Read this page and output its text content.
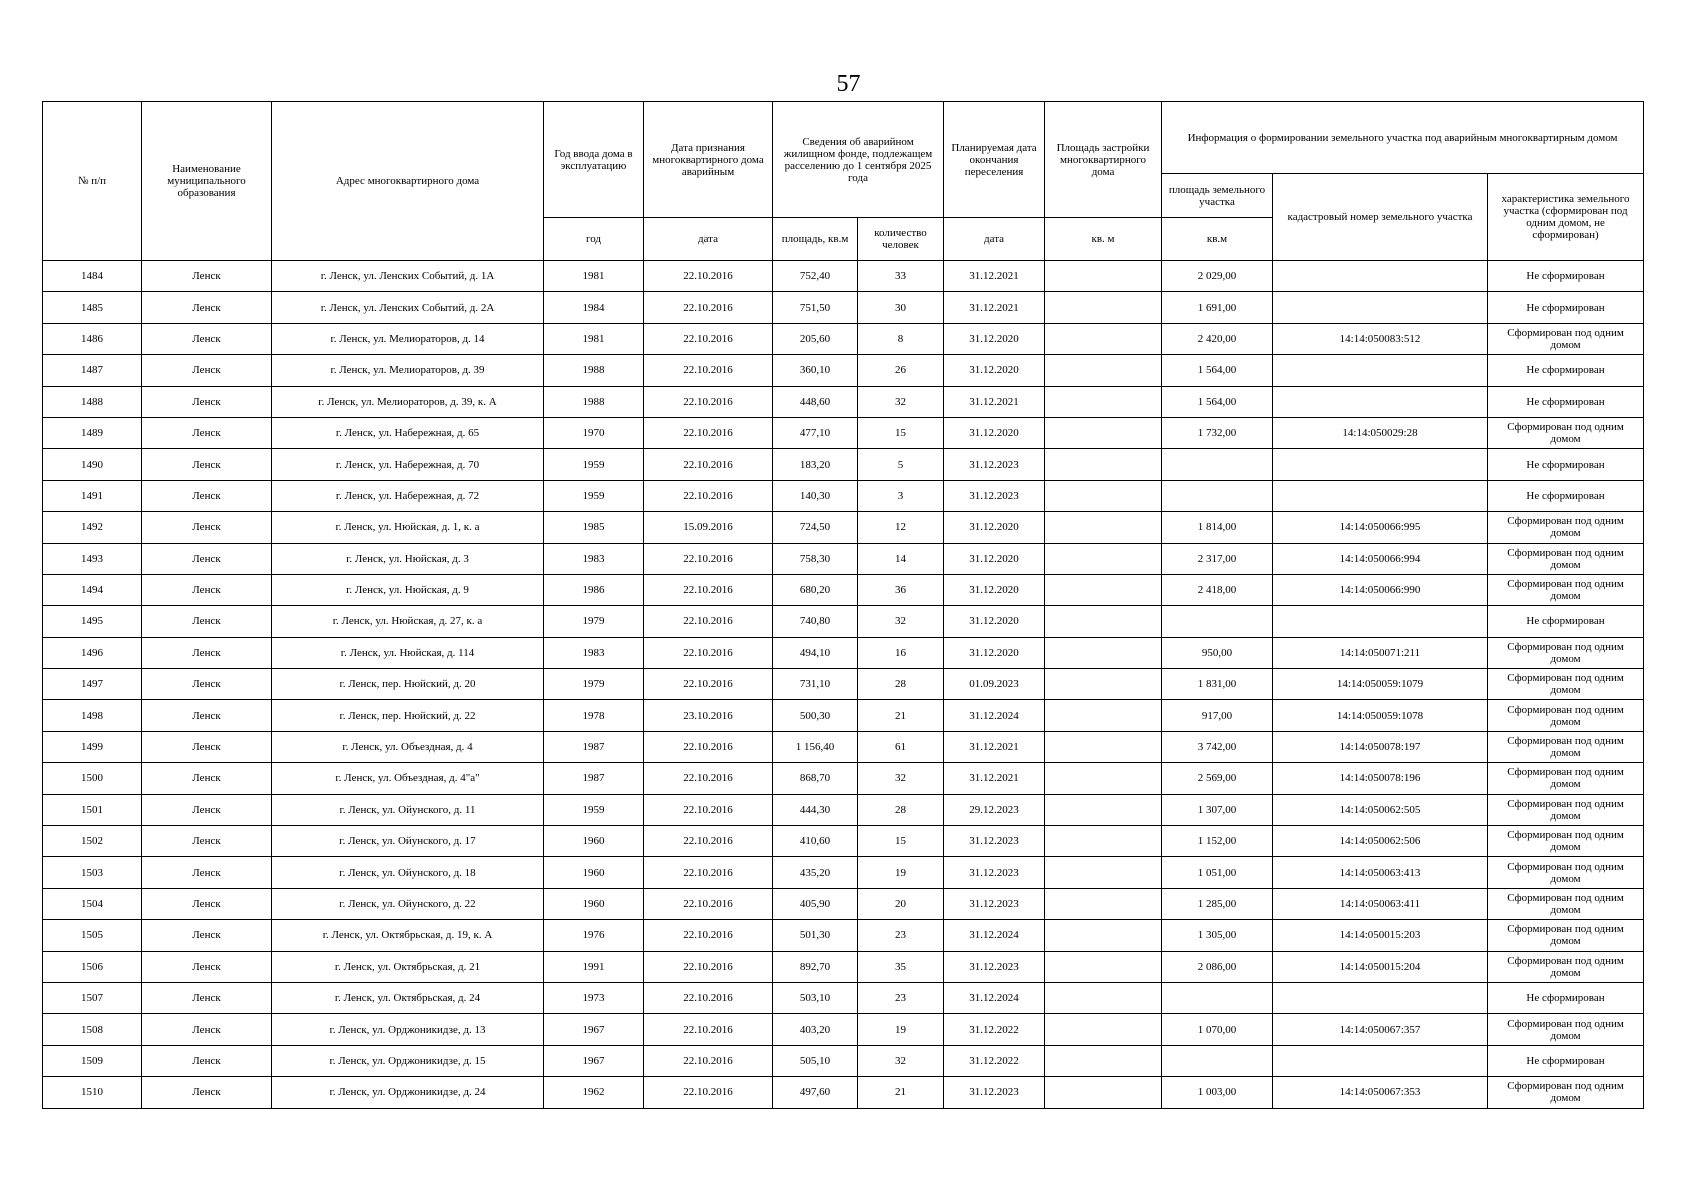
57
№ п/п	Наименование муниципального образования	Адрес многоквартирного дома	Год ввода дома в эксплуатацию	Дата признания многоквартирного дома аварийным	Сведения об аварийном жилищном фонде, подлежащем расселению до 1 сентября 2025 года		Планируемая дата окончания переселения	Площадь застройки многоквартирного дома	Информация о формировании земельного участка под аварийным многоквартирным домом		
									площадь земельного участка	кадастровый номер земельного участка	характеристика земельного участка (сформирован под одним домом, не сформирован)
			год	дата	площадь, кв.м	количество человек	дата	кв. м	кв.м		
1484	Ленск	г. Ленск, ул. Ленских Событий, д. 1А	1981	22.10.2016	752,40	33	31.12.2021		2 029,00		Не сформирован
1485	Ленск	г. Ленск, ул. Ленских Событий, д. 2А	1984	22.10.2016	751,50	30	31.12.2021		1 691,00		Не сформирован
1486	Ленск	г. Ленск, ул. Мелиораторов, д. 14	1981	22.10.2016	205,60	8	31.12.2020		2 420,00	14:14:050083:512	Сформирован под одним домом
1487	Ленск	г. Ленск, ул. Мелиораторов, д. 39	1988	22.10.2016	360,10	26	31.12.2020		1 564,00		Не сформирован
1488	Ленск	г. Ленск, ул. Мелиораторов, д. 39, к. А	1988	22.10.2016	448,60	32	31.12.2021		1 564,00		Не сформирован
1489	Ленск	г. Ленск, ул. Набережная, д. 65	1970	22.10.2016	477,10	15	31.12.2020		1 732,00	14:14:050029:28	Сформирован под одним домом
1490	Ленск	г. Ленск, ул. Набережная, д. 70	1959	22.10.2016	183,20	5	31.12.2023				Не сформирован
1491	Ленск	г. Ленск, ул. Набережная, д. 72	1959	22.10.2016	140,30	3	31.12.2023				Не сформирован
1492	Ленск	г. Ленск, ул. Нюйская, д. 1, к. а	1985	15.09.2016	724,50	12	31.12.2020		1 814,00	14:14:050066:995	Сформирован под одним домом
1493	Ленск	г. Ленск, ул. Нюйская, д. 3	1983	22.10.2016	758,30	14	31.12.2020		2 317,00	14:14:050066:994	Сформирован под одним домом
1494	Ленск	г. Ленск, ул. Нюйская, д. 9	1986	22.10.2016	680,20	36	31.12.2020		2 418,00	14:14:050066:990	Сформирован под одним домом
1495	Ленск	г. Ленск, ул. Нюйская, д. 27, к. а	1979	22.10.2016	740,80	32	31.12.2020				Не сформирован
1496	Ленск	г. Ленск, ул. Нюйская, д. 114	1983	22.10.2016	494,10	16	31.12.2020		950,00	14:14:050071:211	Сформирован под одним домом
1497	Ленск	г. Ленск, пер. Нюйский, д. 20	1979	22.10.2016	731,10	28	01.09.2023		1 831,00	14:14:050059:1079	Сформирован под одним домом
1498	Ленск	г. Ленск, пер. Нюйский, д. 22	1978	23.10.2016	500,30	21	31.12.2024		917,00	14:14:050059:1078	Сформирован под одним домом
1499	Ленск	г. Ленск, ул. Объездная, д. 4	1987	22.10.2016	1 156,40	61	31.12.2021		3 742,00	14:14:050078:197	Сформирован под одним домом
1500	Ленск	г. Ленск, ул. Объездная, д. 4"а"	1987	22.10.2016	868,70	32	31.12.2021		2 569,00	14:14:050078:196	Сформирован под одним домом
1501	Ленск	г. Ленск, ул. Ойунского, д. 11	1959	22.10.2016	444,30	28	29.12.2023		1 307,00	14:14:050062:505	Сформирован под одним домом
1502	Ленск	г. Ленск, ул. Ойунского, д. 17	1960	22.10.2016	410,60	15	31.12.2023		1 152,00	14:14:050062:506	Сформирован под одним домом
1503	Ленск	г. Ленск, ул. Ойунского, д. 18	1960	22.10.2016	435,20	19	31.12.2023		1 051,00	14:14:050063:413	Сформирован под одним домом
1504	Ленск	г. Ленск, ул. Ойунского, д. 22	1960	22.10.2016	405,90	20	31.12.2023		1 285,00	14:14:050063:411	Сформирован под одним домом
1505	Ленск	г. Ленск, ул. Октябрьская, д. 19, к. А	1976	22.10.2016	501,30	23	31.12.2024		1 305,00	14:14:050015:203	Сформирован под одним домом
1506	Ленск	г. Ленск, ул. Октябрьская, д. 21	1991	22.10.2016	892,70	35	31.12.2023		2 086,00	14:14:050015:204	Сформирован под одним домом
1507	Ленск	г. Ленск, ул. Октябрьская, д. 24	1973	22.10.2016	503,10	23	31.12.2024				Не сформирован
1508	Ленск	г. Ленск, ул. Орджоникидзе, д. 13	1967	22.10.2016	403,20	19	31.12.2022		1 070,00	14:14:050067:357	Сформирован под одним домом
1509	Ленск	г. Ленск, ул. Орджоникидзе, д. 15	1967	22.10.2016	505,10	32	31.12.2022				Не сформирован
1510	Ленск	г. Ленск, ул. Орджоникидзе, д. 24	1962	22.10.2016	497,60	21	31.12.2023		1 003,00	14:14:050067:353	Сформирован под одним домом
